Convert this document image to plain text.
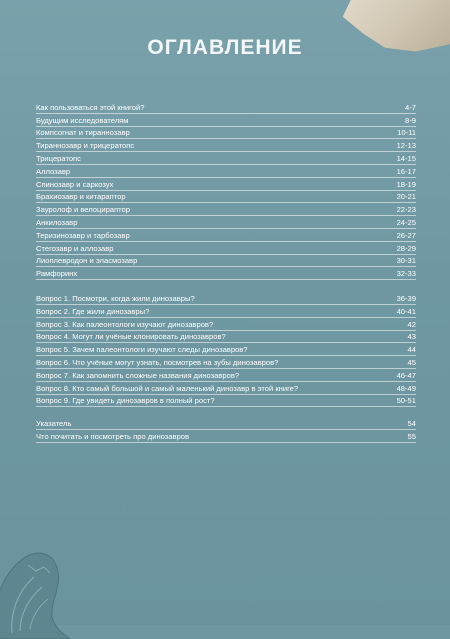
ОГЛАВЛЕНИЕ
Как пользоваться этой книгой?	4-7
Будущим исследователям	8-9
Компсогнат и тираннозавр	10-11
Тираннозавр и трицератопс	12-13
Трицератопс	14-15
Аллозавр	16-17
Спинозавр и саркозух	18-19
Брахиозавр и китараптор	20-21
Заурoлоф и велоцираптор	22-23
Анкилозавр	24-25
Теризинозавр и тарбозавр	26-27
Стегозавр и аллозавр	28-29
Лиоплевродон и эласмозавр	30-31
Рамфоринх	32-33
Вопрос 1. Посмотри, когда жили динозавры?	36-39
Вопрос 2. Где жили динозавры?	40-41
Вопрос 3. Как палеонтологи изучают динозавров?	42
Вопрос 4. Могут ли учёные клонировать динозавров?	43
Вопрос 5. Зачем палеонтологи изучают следы динозавров?	44
Вопрос 6. Что учёные могут узнать, посмотрев на зубы динозавров?	45
Вопрос 7. Как запомнить сложные названия динозавров?	46-47
Вопрос 8. Кто самый большой и самый маленький динозавр в этой книге?	48-49
Вопрос 9. Где увидеть динозавров в полный рост?	50-51
Указатель	54
Что почитать и посмотреть про динозавров	55
